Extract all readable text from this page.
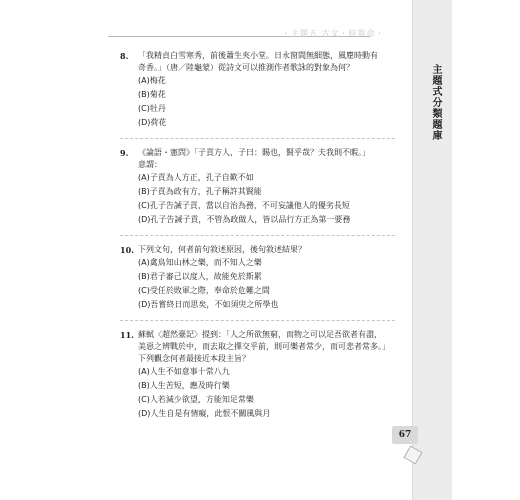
・主題五 古文・時與命・
主題式分類題庫
8. 「我精貞白雪寒秀，前後蕭生夾小堂。日永窗間無細態，風塵時動有
奇香。」（唐／陸龜蒙）從詩文可以推測作者歌詠的對象為何？
(A)梅花
(B)菊花
(C)牡丹
(D)荷花
9. 《論語・憲問》「子貢方人，子曰：賜也，賢乎哉？夫我則不暇。」
意謂：
(A)子貢為人方正，孔子自歎不如
(B)子貢為政有方，孔子稱許其賢能
(C)孔子告誡子貢，當以自治為務，不可妄議他人的優劣長短
(D)孔子告誡子貢，不管為政做人，皆以品行方正為第一要務
10. 下列文句，何者前句敘述原因，後句敘述結果？
(A)禽鳥知山林之樂，而不知人之樂
(B)君子審己以度人，故能免於斯累
(C)受任於敗軍之際，奉命於危難之間
(D)吾嘗終日而思矣，不如須臾之所學也
11. 蘇軾〈超然臺記〉提到：「人之所欲無窮，而物之可以足吾欲者有盡，
美惡之辨戰於中，而去取之擇交乎前，則可樂者常少，而可悲者常多。」
下列觀念何者最接近本段主旨？
(A)人生不如意事十常八九
(B)人生苦短，應及時行樂
(C)人若減少欲望，方能知足常樂
(D)人生自是有情癡，此恨不關風與月
67
